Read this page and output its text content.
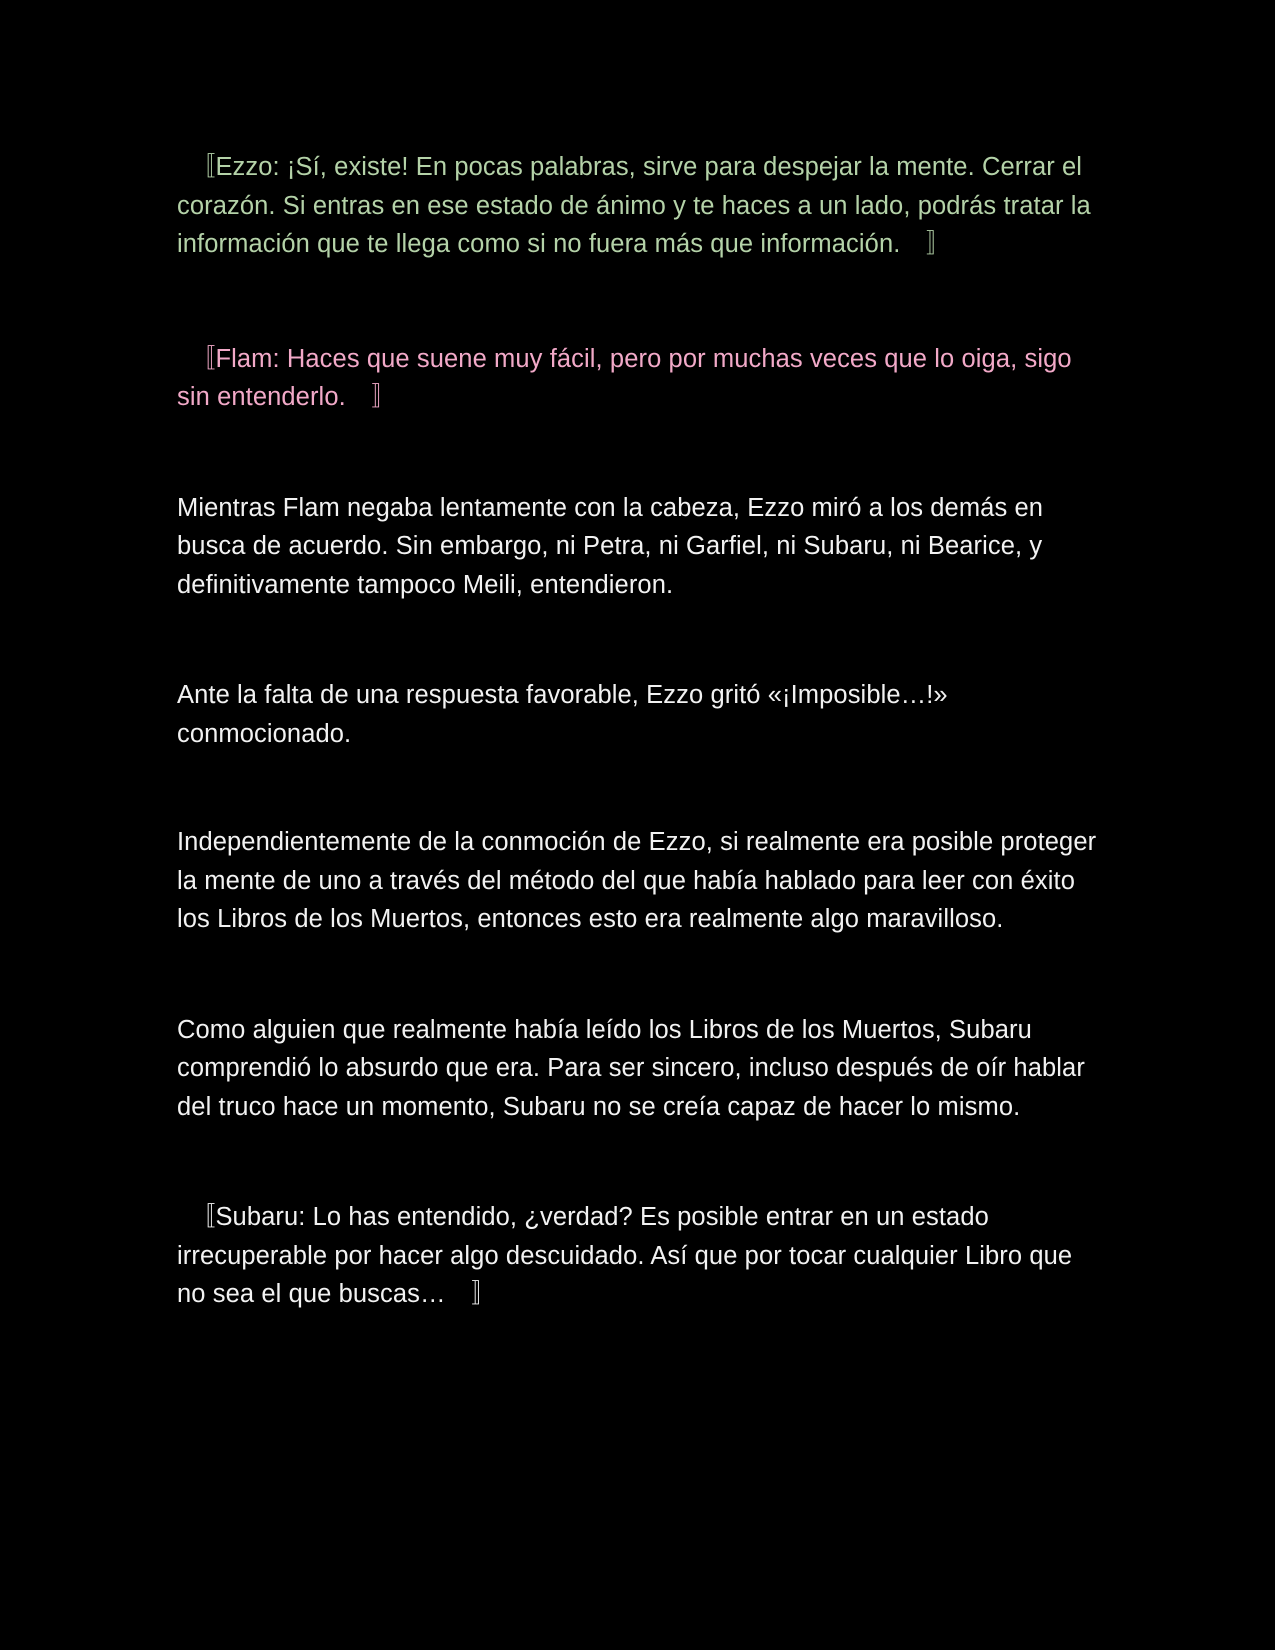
　〚Ezzo: ¡Sí, existe! En pocas palabras, sirve para despejar la mente. Cerrar el corazón. Si entras en ese estado de ánimo y te haces a un lado, podrás tratar la información que te llega como si no fuera más que información.　〛

　〚Flam: Haces que suene muy fácil, pero por muchas veces que lo oiga, sigo sin entenderlo.　〛

Mientras Flam negaba lentamente con la cabeza, Ezzo miró a los demás en busca de acuerdo. Sin embargo, ni Petra, ni Garfiel, ni Subaru, ni Bearice, y definitivamente tampoco Meili, entendieron.

Ante la falta de una respuesta favorable, Ezzo gritó «¡Imposible…!» conmocionado.

Independientemente de la conmoción de Ezzo, si realmente era posible proteger la mente de uno a través del método del que había hablado para leer con éxito los Libros de los Muertos, entonces esto era realmente algo maravilloso.

Como alguien que realmente había leído los Libros de los Muertos, Subaru comprendió lo absurdo que era. Para ser sincero, incluso después de oír hablar del truco hace un momento, Subaru no se creía capaz de hacer lo mismo.

　〚Subaru: Lo has entendido, ¿verdad? Es posible entrar en un estado irrecuperable por hacer algo descuidado. Así que por tocar cualquier Libro que no sea el que buscas…　〛
